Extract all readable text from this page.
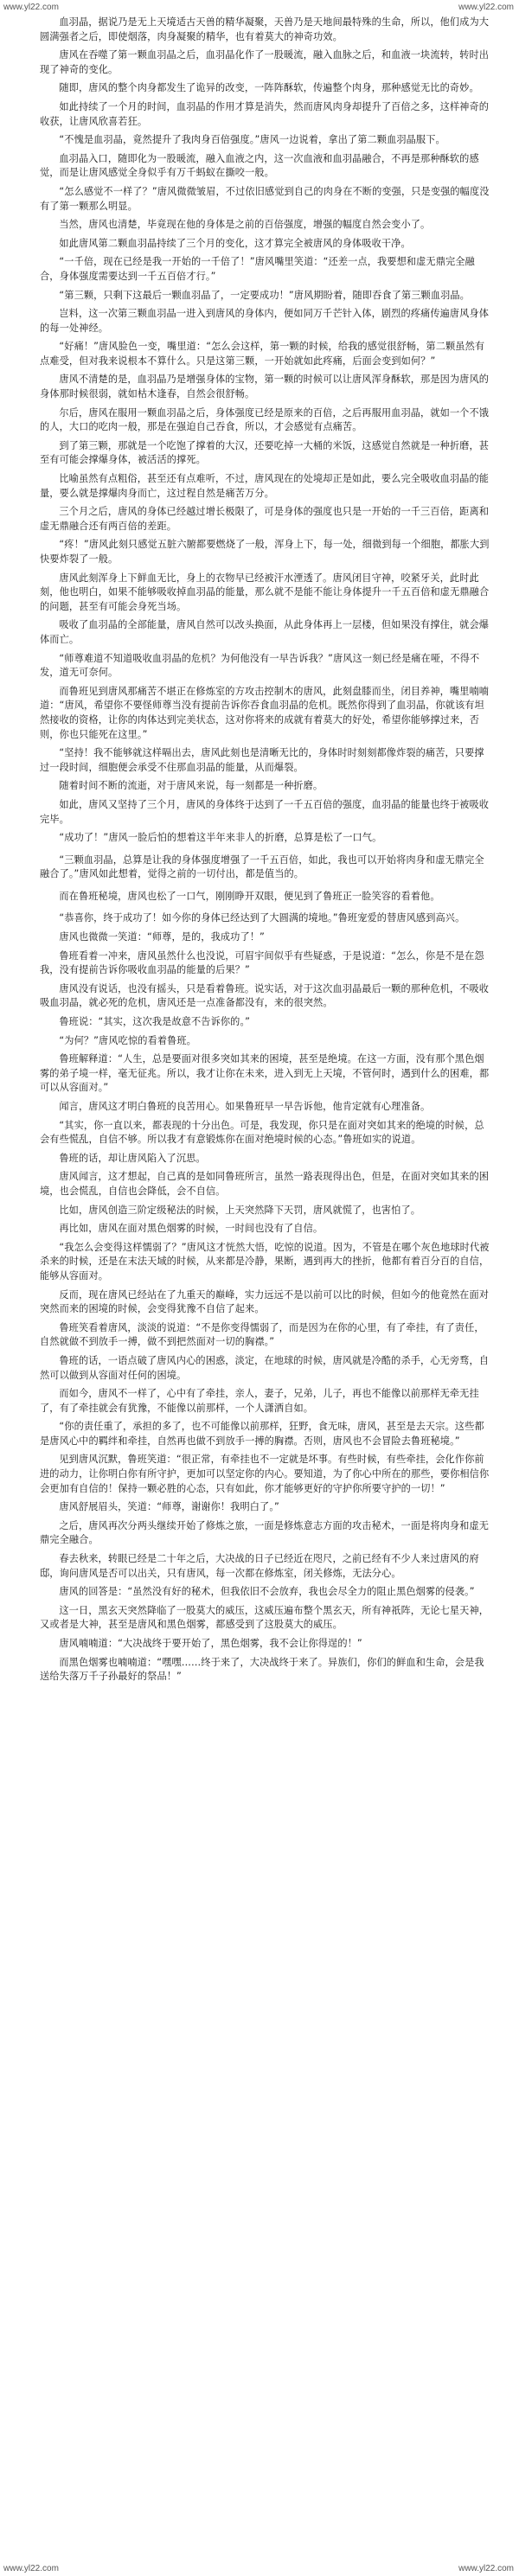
www.yl22.com	www.yl22.com

血羽晶，据说乃是无上天境适古天兽的精华凝聚，天兽乃是天地间最特殊的生命，所以，他们成为大圆满强者之后，即使烟落，肉身凝聚的精华，也有着莫大的神奇功效。

唐风在吞噬了第一颗血羽晶之后，血羽晶化作了一股暖流，融入血脉之后，和血液一块流转，转时出现了神奇的变化。

随即，唐风的整个肉身都发生了诡异的改变，一阵阵酥软，传遍整个肉身，那种感觉无比的奇妙。

如此持续了一个月的时间，血羽晶的作用才算是消失，然而唐风肉身却提升了百倍之多，这样神奇的收获，让唐风欣喜若狂。

“不愧是血羽晶，竟然提升了我肉身百倍强度。”唐风一边说着，拿出了第二颗血羽晶服下。

血羽晶入口，随即化为一股暖流，融入血液之内，这一次血液和血羽晶融合，不再是那种酥软的感觉，而是让唐风感觉全身似乎有万千蚂蚁在撕咬一般。

“怎么感觉不一样了？”唐风微微皱眉，不过依旧感觉到自己的肉身在不断的变强，只是变强的幅度没有了第一颗那么明显。

当然，唐风也清楚，毕竟现在他的身体是之前的百倍强度，增强的幅度自然会变小了。

如此唐风第二颗血羽晶持续了三个月的变化，这才算完全被唐风的身体吸收干净。

“一千倍，现在已经是我一开始的一千倍了！”唐风嘴里笑道：“还差一点，我要想和虚无鼎完全融合，身体强度需要达到一千五百倍才行。”

“第三颗，只剩下这最后一颗血羽晶了，一定要成功！”唐风期盼着，随即吞食了第三颗血羽晶。

岂料，这一次第三颗血羽晶一进入到唐风的身体内，便如同万千芒针入体，剧烈的疼痛传遍唐风身体的每一处神经。

“好痛！”唐风脸色一变，嘴里道：“怎么会这样，第一颗的时候，给我的感觉很舒畅，第二颗虽然有点难受，但对我来说根本不算什么。只是这第三颗，一开始就如此疼痛，后面会变到如何？”

唐风不清楚的是，血羽晶乃是增强身体的宝物，第一颗的时候可以让唐风浑身酥软，那是因为唐风的身体那时候很弱，就如枯木逢春，自然会很舒畅。

尔后，唐风在服用一颗血羽晶之后，身体强度已经是原来的百倍，之后再服用血羽晶，就如一个不饿的人，大口的吃肉一般，那是在强迫自己吞食，所以，才会感觉有点痛苦。

到了第三颗，那就是一个吃饱了撑着的大汉，还要吃掉一大桶的米饭，这感觉自然就是一种折磨，甚至有可能会撑爆身体，被活活的撑死。

比喻虽然有点粗俗，甚至还有点难听，不过，唐风现在的处境却正是如此，要么完全吸收血羽晶的能量，要么就是撑爆肉身而亡，这过程自然是痛苦万分。

三个月之后，唐风的身体已经越过增长极限了，可是身体的强度也只是一开始的一千三百倍，距离和虚无鼎融合还有两百倍的差距。

“疼！”唐风此刻只感觉五脏六腑都要燃烧了一般，浑身上下，每一处，细微到每一个细胞，都胀大到快要炸裂了一般。

唐风此刻浑身上下鲜血无比，身上的衣物早已经被汗水湮透了。唐风闭目守神，咬紧牙关，此时此刻，他也明白，如果不能够吸收掉血羽晶的能量，那么就不是能不能让身体提升一千五百倍和虚无鼎融合的问题，甚至有可能会身死当场。

吸收了血羽晶的全部能量，唐风自然可以改头换面，从此身体再上一层楼，但如果没有撑住，就会爆体而亡。

“师尊难道不知道吸收血羽晶的危机？为何他没有一早告诉我？”唐风这一刻已经是痛在哑，不得不发，道无可奈何。

而鲁班见到唐风那痛苦不堪正在修炼室的方攻击控制木的唐风，此刻盘膝而坐，闭目养神，嘴里喃喃道：“唐风，希望你不要怪师尊当没有提前告诉你吞食血羽晶的危机。既然你得到了血羽晶，你就该有坦然接收的资格，让你的肉体达到完美状态，这对你将来的成就有着莫大的好处，希望你能够撑过来，否则，你也只能死在这里。”

“坚持！我不能够就这样嗝出去，唐风此刻也是清晰无比的，身体时时刻刻都像炸裂的痛苦，只要撑过一段时间，细胞便会承受不住那血羽晶的能量，从而爆裂。

随着时间不断的流逝，对于唐风来说，每一刻都是一种折磨。

如此，唐风又坚持了三个月，唐风的身体终于达到了一千五百倍的强度，血羽晶的能量也终于被吸收完毕。

“成功了！”唐风一脸后怕的想着这半年来非人的折磨，总算是松了一口气。

“三颗血羽晶，总算是让我的身体强度增强了一千五百倍，如此，我也可以开始将肉身和虚无鼎完全融合了。”唐风如此想着，觉得之前的一切付出，都是值当的。

而在鲁班秘境，唐风也松了一口气，刚刚睁开双眼，便见到了鲁班正一脸笑容的看着他。

“恭喜你，终于成功了！如今你的身体已经达到了大圆满的境地。”鲁班宠爱的替唐风感到高兴。

唐风也微微一笑道：“师尊，是的，我成功了！”

鲁班看着一冲来，唐风虽然什么也没说，可眉宇间似乎有些疑惑，于是说道：“怎么，你是不是在怨我，没有提前告诉你吸收血羽晶的能量的后果？”

唐风没有说话，也没有摇头，只是看着鲁班。说实话，对于这次血羽晶最后一颗的那种危机，不吸收吸血羽晶，就必死的危机，唐风还是一点准备都没有，来的很突然。

鲁班说：“其实，这次我是故意不告诉你的。”

“为何？”唐风吃惊的看着鲁班。

鲁班解释道：“人生，总是要面对很多突如其来的困境，甚至是绝境。在这一方面，没有那个黑色烟雾的弟子境一样，毫无征兆。所以，我才让你在未来，进入到无上天境，不管何时，遇到什么的困难，都可以从容面对。”

闻言，唐风这才明白鲁班的良苦用心。如果鲁班早一早告诉他，他肯定就有心理准备。

“其实，你一直以来，都表现的十分出色。可是，我发现，你只是在面对突如其来的绝境的时候，总会有些慌乱，自信不够。所以我才有意锻炼你在面对绝境时候的心态。”鲁班如实的说道。

鲁班的话，却让唐风陷入了沉思。

唐风闻言，这才想起，自己真的是如同鲁班所言，虽然一路表现得出色，但是，在面对突如其来的困境，也会慌乱，自信也会降低，会不自信。

比如，唐风创造三阶定级秘法的时候，上天突然降下天罚，唐风就慌了，也害怕了。

再比如，唐风在面对黑色烟雾的时候，一时间也没有了自信。

“我怎么会变得这样懦弱了？”唐风这才恍然大悟，吃惊的说道。因为，不管是在哪个灰色地球时代被杀来的时候，还是在末法天域的时候，从来都是冷静，果断，遇到再大的挫折，他都有着百分百的自信，能够从容面对。

反而，现在唐风已经站在了九重天的巅峰，实力远远不是以前可以比的时候，但如今的他竟然在面对突然而来的困境的时候，会变得犹豫不自信了起来。

鲁班笑看着唐风，淡淡的说道：“不是你变得懦弱了，而是因为在你的心里，有了牵挂，有了责任，自然就做不到放手一搏，做不到把然面对一切的胸襟。”

鲁班的话，一语点破了唐风内心的困惑，淡定，在地球的时候，唐风就是冷酷的杀手，心无旁骛，自然可以做到从容面对任何的困境。

而如今，唐风不一样了，心中有了牵挂，亲人，妻子，兄弟，儿子，再也不能像以前那样无牵无挂了，有了牵挂就会有犹豫，不能像以前那样，一个人潇洒自如。

“你的责任重了，承担的多了，也不可能像以前那样，狂野，食无味，唐风，甚至是去天宗。这些都是唐风心中的羁绊和牵挂，自然再也做不到放手一搏的胸襟。否则，唐风也不会冒险去鲁班秘境。”

见到唐风沉默，鲁班笑道：“很正常，有牵挂也不一定就是坏事。有些时候，有些牵挂，会化作你前进的动力，让你明白你有所守护，更加可以坚定你的内心。要知道，为了你心中所在的那些，要你相信你会更加有自信的！保持一颗必胜的心态，只有如此，你才能够更好的守护你所要守护的一切！”

唐风舒展眉头，笑道：“师尊，谢谢你！我明白了。”

之后，唐风再次分两头继续开始了修炼之旅，一面是修炼意志方面的攻击秘术，一面是将肉身和虚无鼎完全融合。

春去秋来，转眼已经是二十年之后，大决战的日子已经近在咫尺，之前已经有不少人来过唐风的府邸，询问唐风是否可以出关，只有唐风，每一次都在修炼室，闭关修炼，无法分心。

唐风的回答是：“虽然没有好的秘术，但我依旧不会放弃，我也会尽全力的阻止黑色烟雾的侵袭。”

这一日，黑玄天突然降临了一股莫大的威压，这威压遍布整个黑玄天，所有神祇阵，无论七星天神，又或者是大神，甚至是唐风和黑色烟雾，都感受到了这股莫大的威压。

唐风喃喃道：“大决战终于要开始了，黑色烟雾，我不会让你得逞的！”

而黑色烟雾也喃喃道：“嘿嘿……终于来了，大决战终于来了。异族们，你们的鲜血和生命，会是我送给失落万千子孙最好的祭品！”

www.yl22.com	www.yl22.com
